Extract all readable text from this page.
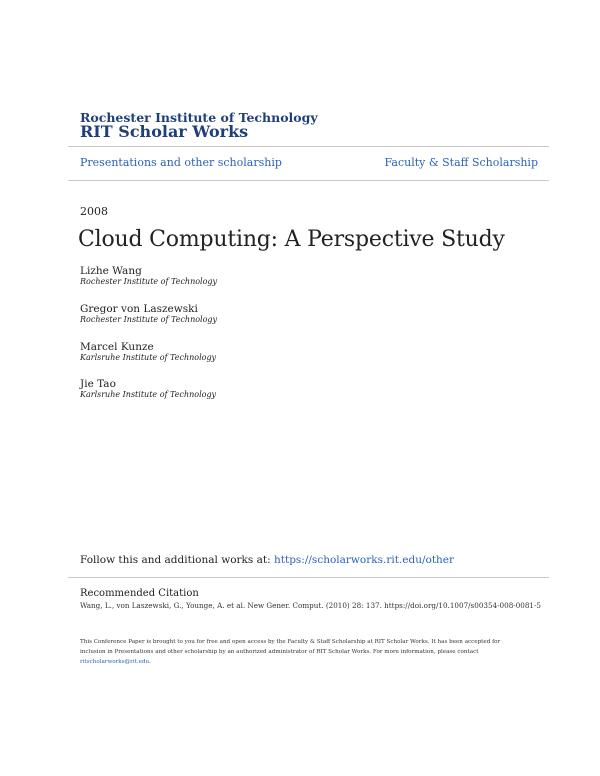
Rochester Institute of Technology
RIT Scholar Works
Presentations and other scholarship	Faculty & Staff Scholarship
2008
Cloud Computing: A Perspective Study
Lizhe Wang
Rochester Institute of Technology
Gregor von Laszewski
Rochester Institute of Technology
Marcel Kunze
Karlsruhe Institute of Technology
Jie Tao
Karlsruhe Institute of Technology
Follow this and additional works at: https://scholarworks.rit.edu/other
Recommended Citation
Wang, L., von Laszewski, G., Younge, A. et al. New Gener. Comput. (2010) 28: 137. https://doi.org/10.1007/s00354-008-0081-5
This Conference Paper is brought to you for free and open access by the Faculty & Staff Scholarship at RIT Scholar Works. It has been accepted for
inclusion in Presentations and other scholarship by an authorized administrator of RIT Scholar Works. For more information, please contact
ritscholarworks@rit.edu.
